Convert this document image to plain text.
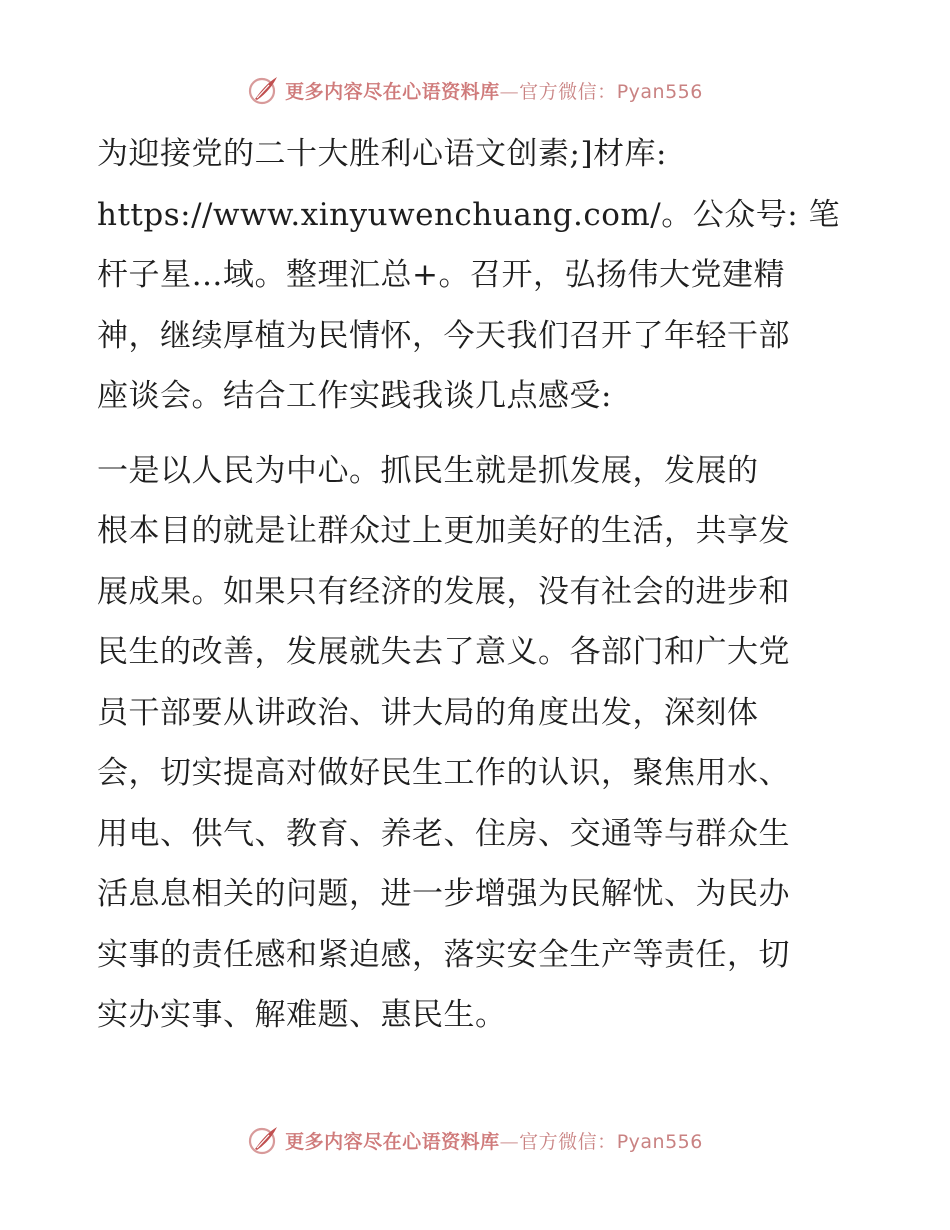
更多内容尽在心语资料库—官方微信：Pyan556

为迎接党的二十大胜利心语文创素;]材库:
https://www.xinyuwenchuang.com/。公众号: 笔
杆子星…域。整理汇总+。召开，弘扬伟大党建精
神，继续厚植为民情怀，今天我们召开了年轻干部
座谈会。结合工作实践我谈几点感受:

一是以人民为中心。抓民生就是抓发展，发展的
根本目的就是让群众过上更加美好的生活，共享发
展成果。如果只有经济的发展，没有社会的进步和
民生的改善，发展就失去了意义。各部门和广大党
员干部要从讲政治、讲大局的角度出发，深刻体
会，切实提高对做好民生工作的认识，聚焦用水、
用电、供气、教育、养老、住房、交通等与群众生
活息息相关的问题，进一步增强为民解忧、为民办
实事的责任感和紧迫感，落实安全生产等责任，切
实办实事、解难题、惠民生。

更多内容尽在心语资料库—官方微信：Pyan556
